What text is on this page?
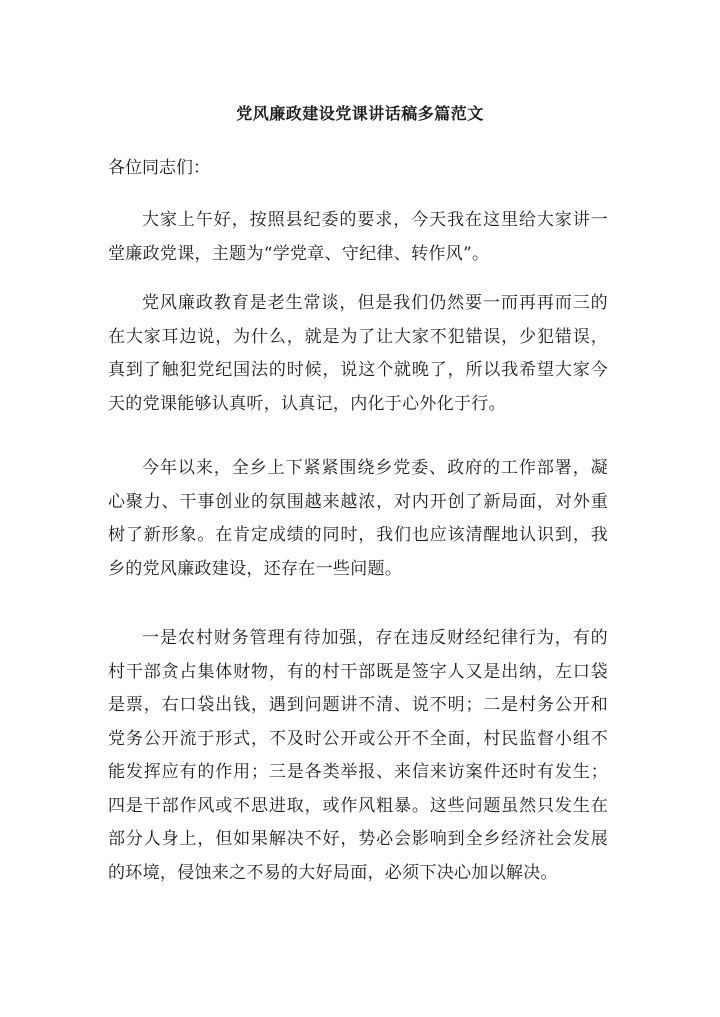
党风廉政建设党课讲话稿多篇范文
各位同志们：

大家上午好，按照县纪委的要求，今天我在这里给大家讲一堂廉政党课，主题为“学党章、守纪律、转作风”。

党风廉政教育是老生常谈，但是我们仍然要一而再再而三的在大家耳边说，为什么，就是为了让大家不犯错误，少犯错误，真到了触犯党纪国法的时候，说这个就晚了，所以我希望大家今天的党课能够认真听，认真记，内化于心外化于行。

今年以来，全乡上下紧紧围绕乡党委、政府的工作部署，凝心聚力、干事创业的氛围越来越浓，对内开创了新局面，对外重树了新形象。在肯定成绩的同时，我们也应该清醒地认识到，我乡的党风廉政建设，还存在一些问题。

一是农村财务管理有待加强，存在违反财经纪律行为，有的村干部贪占集体财物，有的村干部既是签字人又是出纳，左口袋是票，右口袋出钱，遇到问题讲不清、说不明；二是村务公开和党务公开流于形式，不及时公开或公开不全面，村民监督小组不能发挥应有的作用；三是各类举报、来信来访案件还时有发生；四是干部作风或不思进取，或作风粗暴。这些问题虽然只发生在部分人身上，但如果解决不好，势必会影响到全乡经济社会发展的环境，侵蚀来之不易的大好局面，必须下决心加以解决。
